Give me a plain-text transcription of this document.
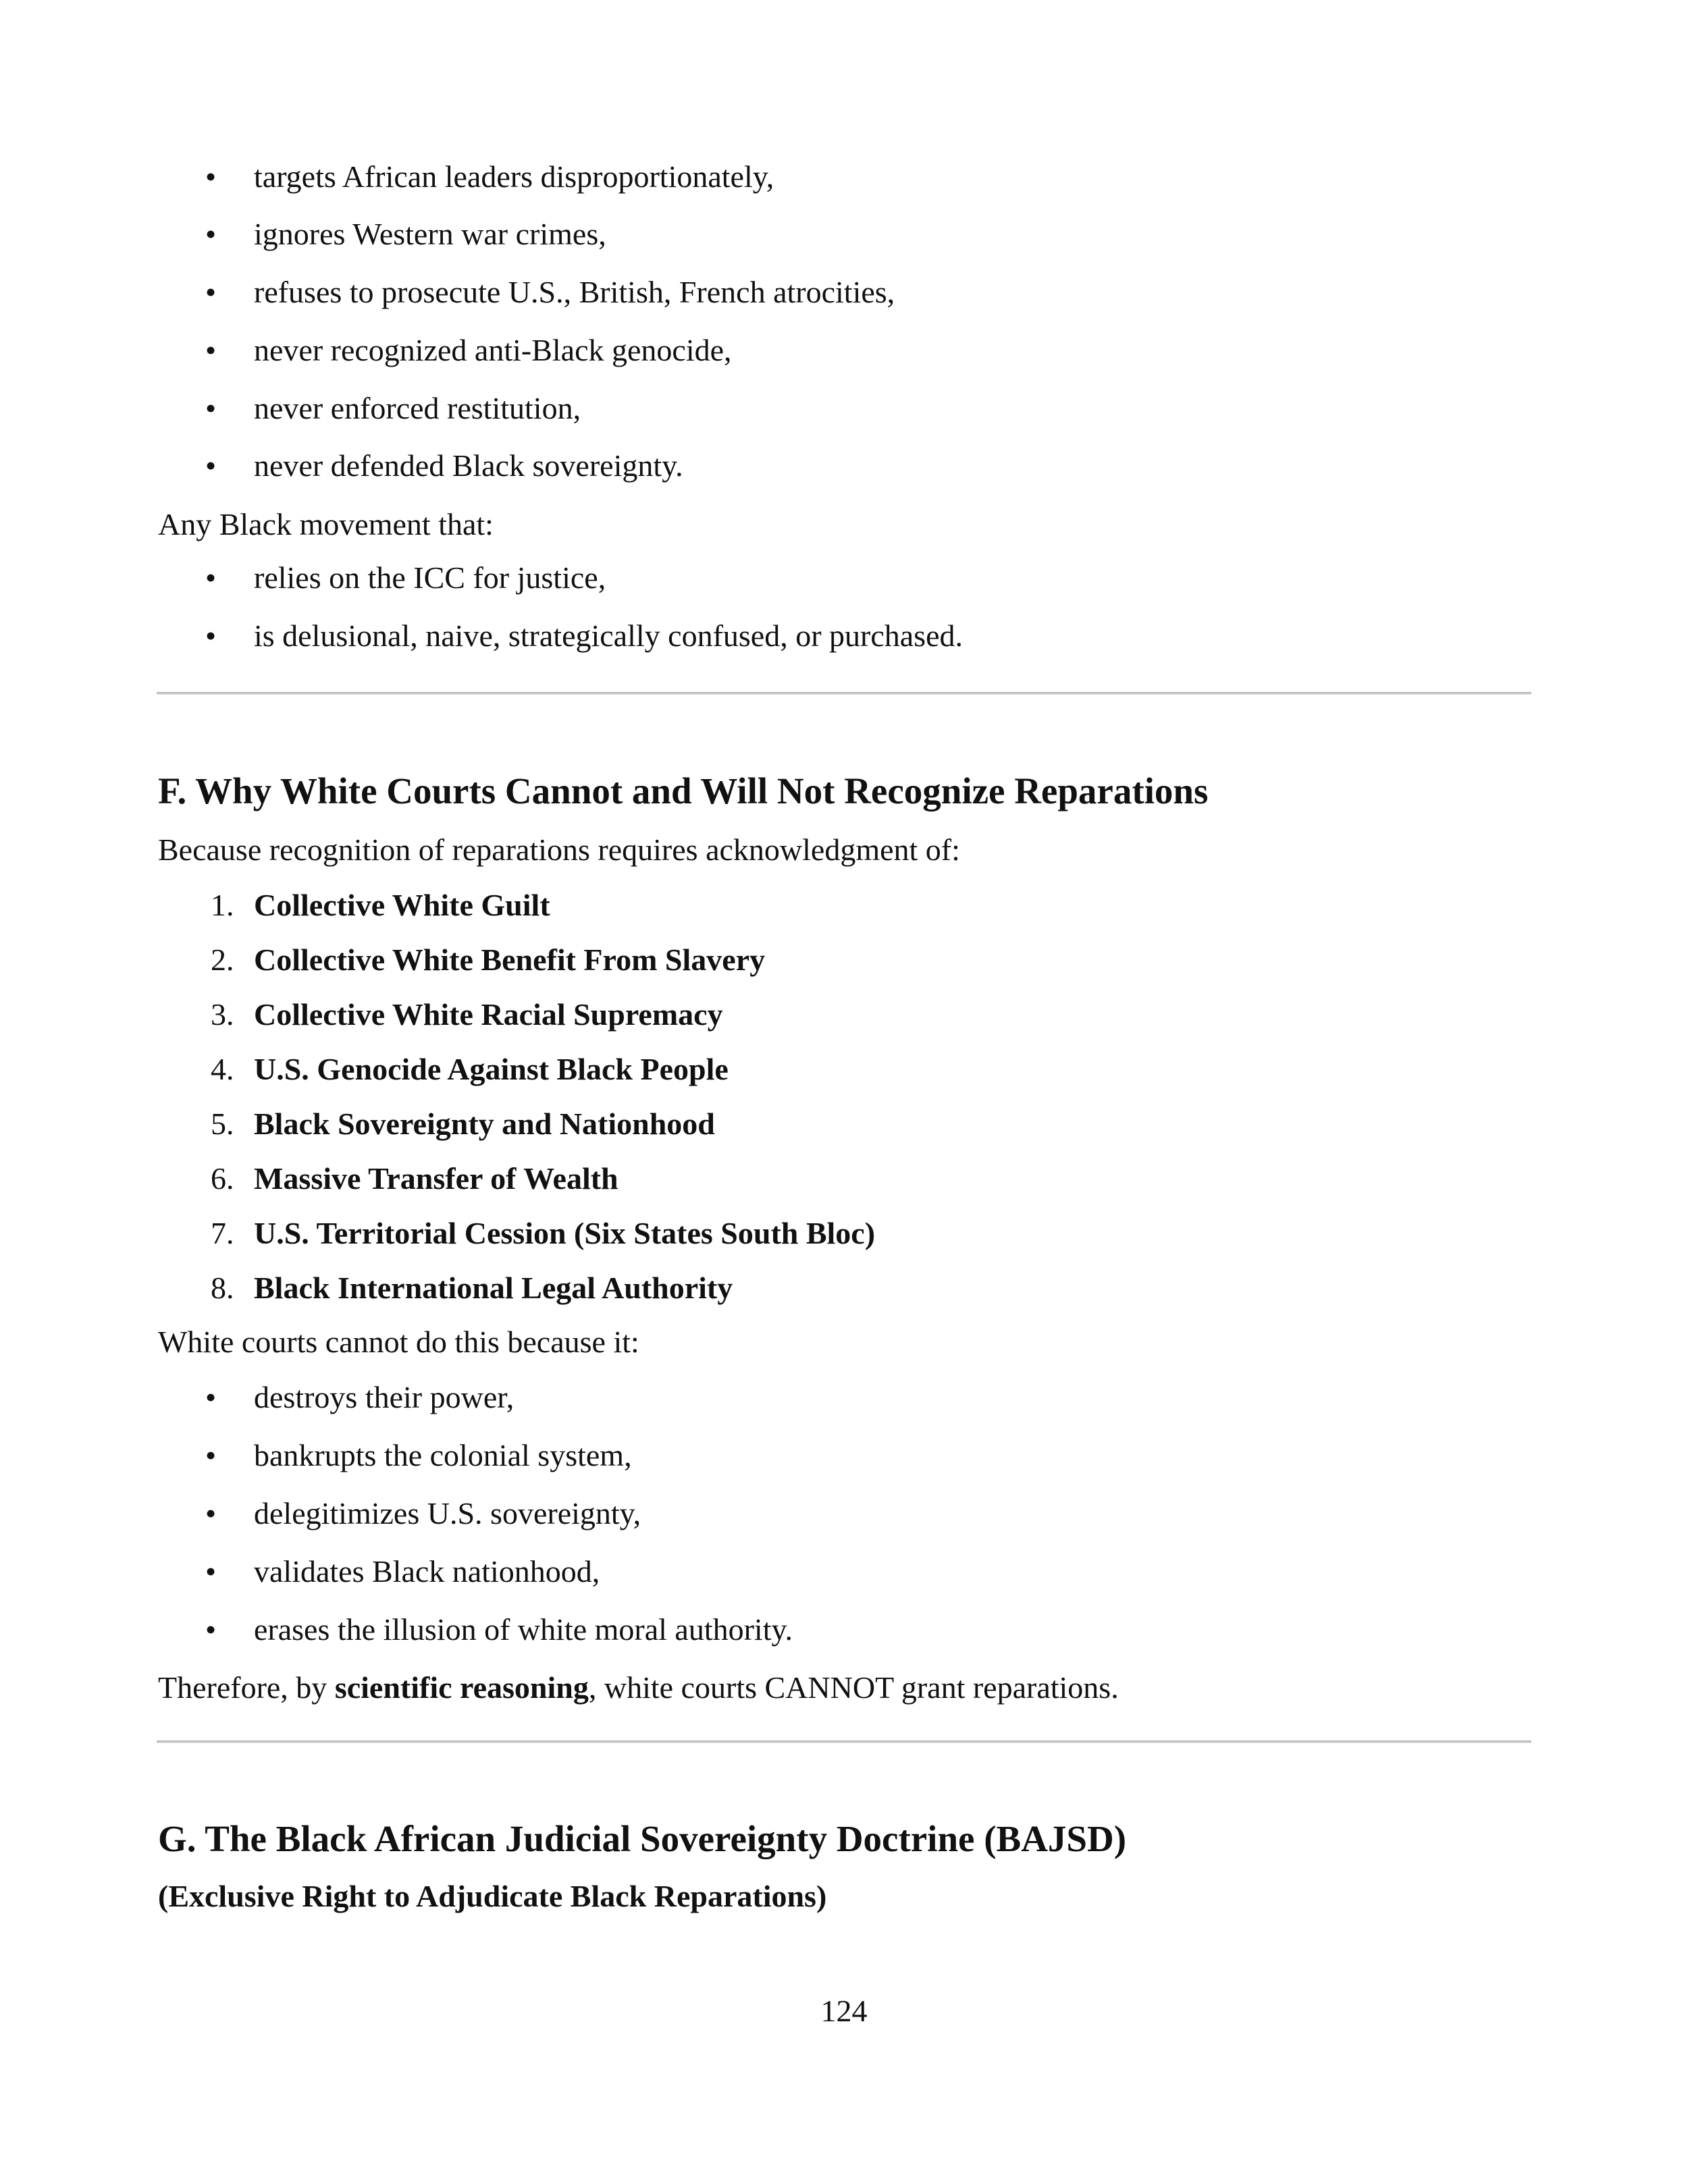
•	targets African leaders disproportionately,
•	ignores Western war crimes,
•	refuses to prosecute U.S., British, French atrocities,
•	never recognized anti-Black genocide,
•	never enforced restitution,
•	never defended Black sovereignty.
Any Black movement that:
•	relies on the ICC for justice,
•	is delusional, naive, strategically confused, or purchased.
F. Why White Courts Cannot and Will Not Recognize Reparations
Because recognition of reparations requires acknowledgment of:
1. Collective White Guilt
2. Collective White Benefit From Slavery
3. Collective White Racial Supremacy
4. U.S. Genocide Against Black People
5. Black Sovereignty and Nationhood
6. Massive Transfer of Wealth
7. U.S. Territorial Cession (Six States South Bloc)
8. Black International Legal Authority
White courts cannot do this because it:
•	destroys their power,
•	bankrupts the colonial system,
•	delegitimizes U.S. sovereignty,
•	validates Black nationhood,
•	erases the illusion of white moral authority.
Therefore, by scientific reasoning, white courts CANNOT grant reparations.
G. The Black African Judicial Sovereignty Doctrine (BAJSD)
(Exclusive Right to Adjudicate Black Reparations)
124
